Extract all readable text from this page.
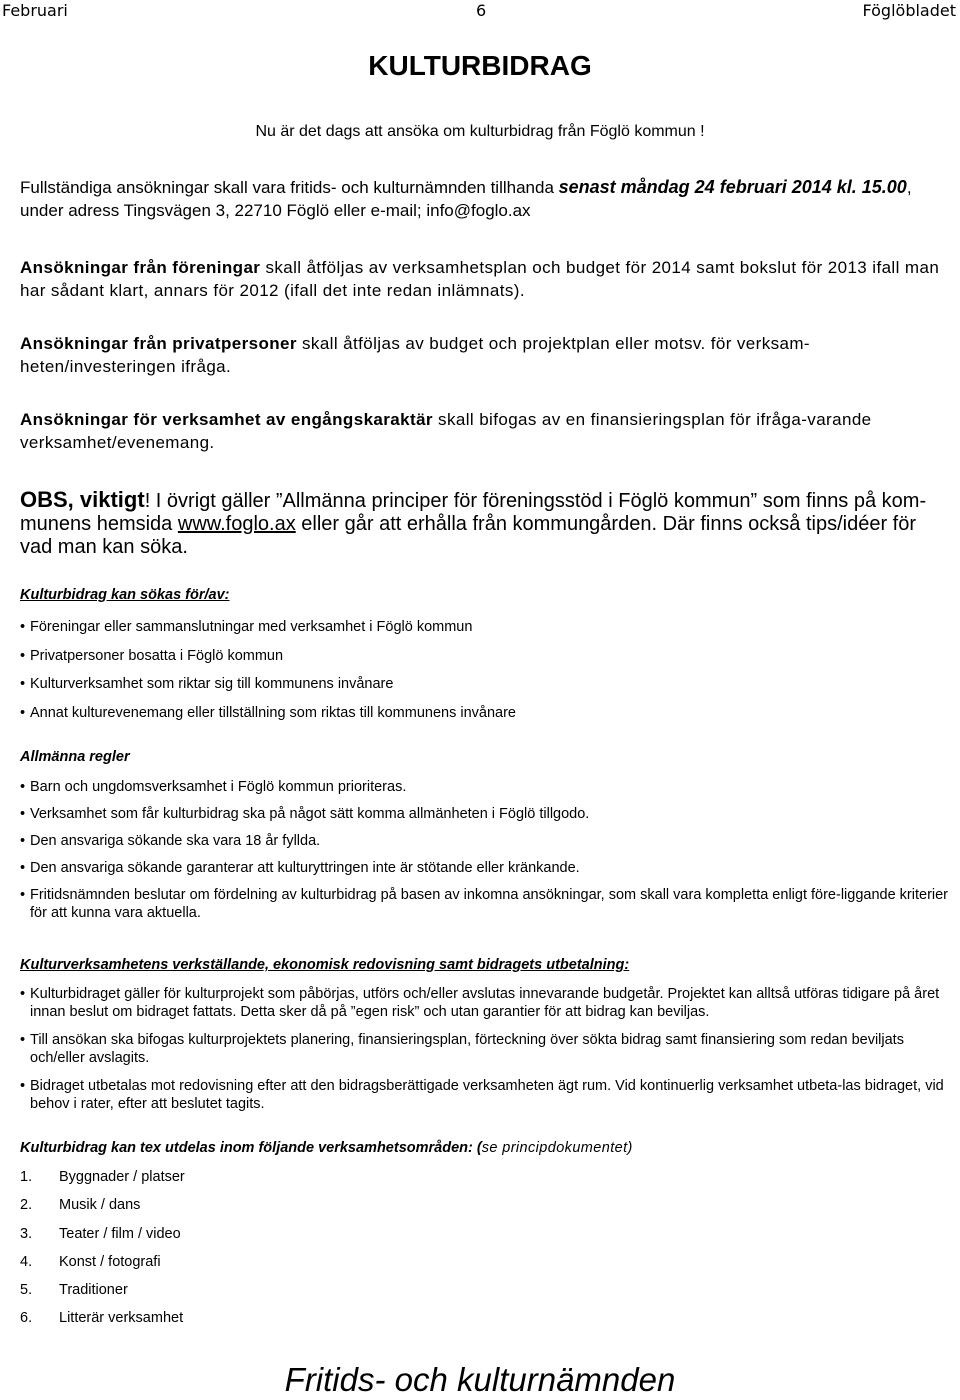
Februari	6	Föglöbladet
KULTURBIDRAG

Nu är det dags att ansöka om kulturbidrag från Föglö kommun !

Fullständiga ansökningar skall vara fritids- och kulturnämnden tillhanda senast måndag 24 februari 2014 kl. 15.00, under adress Tingsvägen 3, 22710 Föglö eller e-mail; info@foglo.ax

Ansökningar från föreningar skall åtföljas av verksamhetsplan och budget för 2014 samt bokslut för 2013 ifall man har sådant klart, annars för 2012 (ifall det inte redan inlämnats).

Ansökningar från privatpersoner skall åtföljas av budget och projektplan eller motsv. för verksam-heten/investeringen ifråga.

Ansökningar för verksamhet av engångskaraktär skall bifogas av en finansieringsplan för ifråga-varande verksamhet/evenemang.

OBS, viktigt! I övrigt gäller ”Allmänna principer för föreningsstöd i Föglö kommun” som finns på kom-munens hemsida www.foglo.ax eller går att erhålla från kommungården. Där finns också tips/idéer för vad man kan söka.

Kulturbidrag kan sökas för/av:

• Föreningar eller sammanslutningar med verksamhet i Föglö kommun
• Privatpersoner bosatta i Föglö kommun
• Kulturverksamhet som riktar sig till kommunens invånare
• Annat kulturevenemang eller tillställning som riktas till kommunens invånare

Allmänna regler

• Barn och ungdomsverksamhet i Föglö kommun prioriteras.
• Verksamhet som får kulturbidrag ska på något sätt komma allmänheten i Föglö tillgodo.
• Den ansvariga sökande ska vara 18 år fyllda.
• Den ansvariga sökande garanterar att kulturyttringen inte är stötande eller kränkande.
• Fritidsnämnden beslutar om fördelning av kulturbidrag på basen av inkomna ansökningar, som skall vara kompletta enligt före-liggande kriterier för att kunna vara aktuella.

Kulturverksamhetens verkställande, ekonomisk redovisning samt bidragets utbetalning:

• Kulturbidraget gäller för kulturprojekt som påbörjas, utförs och/eller avslutas innevarande budgetår. Projektet kan alltså utföras tidigare på året innan beslut om bidraget fattats. Detta sker då på ”egen risk” och utan garantier för att bidrag kan beviljas.
• Till ansökan ska bifogas kulturprojektets planering, finansieringsplan, förteckning över sökta bidrag samt finansiering som redan beviljats och/eller avslagits.
• Bidraget utbetalas mot redovisning efter att den bidragsberättigade verksamheten ägt rum. Vid kontinuerlig verksamhet utbeta-las bidraget, vid behov i rater, efter att beslutet tagits.

Kulturbidrag kan tex utdelas inom följande verksamhetsområden: (se principdokumentet)

1. Byggnader / platser
2. Musik / dans
3. Teater / film / video
4. Konst / fotografi
5. Traditioner
6. Litterär verksamhet

Fritids- och kulturnämnden
